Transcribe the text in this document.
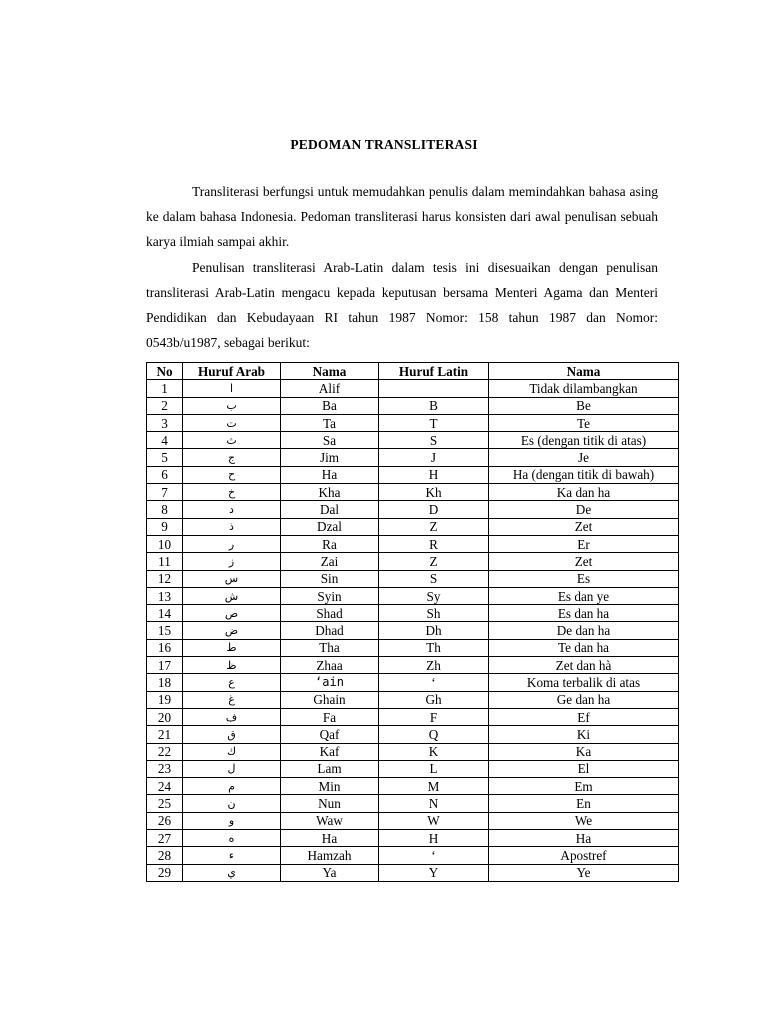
PEDOMAN TRANSLITERASI

Transliterasi berfungsi untuk memudahkan penulis dalam memindahkan bahasa asing ke dalam bahasa Indonesia. Pedoman transliterasi harus konsisten dari awal penulisan sebuah karya ilmiah sampai akhir.

Penulisan transliterasi Arab-Latin dalam tesis ini disesuaikan dengan penulisan transliterasi Arab-Latin mengacu kepada keputusan bersama Menteri Agama dan Menteri Pendidikan dan Kebudayaan RI tahun 1987 Nomor: 158 tahun 1987 dan Nomor: 0543b/u1987, sebagai berikut:

No	Huruf Arab	Nama	Huruf Latin	Nama
1	ا	Alif		Tidak dilambangkan
2	ب	Ba	B	Be
3	ت	Ta	T	Te
4	ث	Sa	S	Es (dengan titik di atas)
5	ج	Jim	J	Je
6	ح	Ha	H	Ha (dengan titik di bawah)
7	خ	Kha	Kh	Ka dan ha
8	د	Dal	D	De
9	ذ	Dzal	Z	Zet
10	ر	Ra	R	Er
11	ز	Zai	Z	Zet
12	س	Sin	S	Es
13	ش	Syin	Sy	Es dan ye
14	ص	Shad	Sh	Es dan ha
15	ض	Dhad	Dh	De dan ha
16	ط	Tha	Th	Te dan ha
17	ظ	Zhaa	Zh	Zet dan hà
18	ع	‘ain	‘	Koma terbalik di atas
19	غ	Ghain	Gh	Ge dan ha
20	ف	Fa	F	Ef
21	ق	Qaf	Q	Ki
22	ك	Kaf	K	Ka
23	ل	Lam	L	El
24	م	Min	M	Em
25	ن	Nun	N	En
26	و	Waw	W	We
27	ه	Ha	H	Ha
28	ء	Hamzah	‘	Apostref
29	ي	Ya	Y	Ye
